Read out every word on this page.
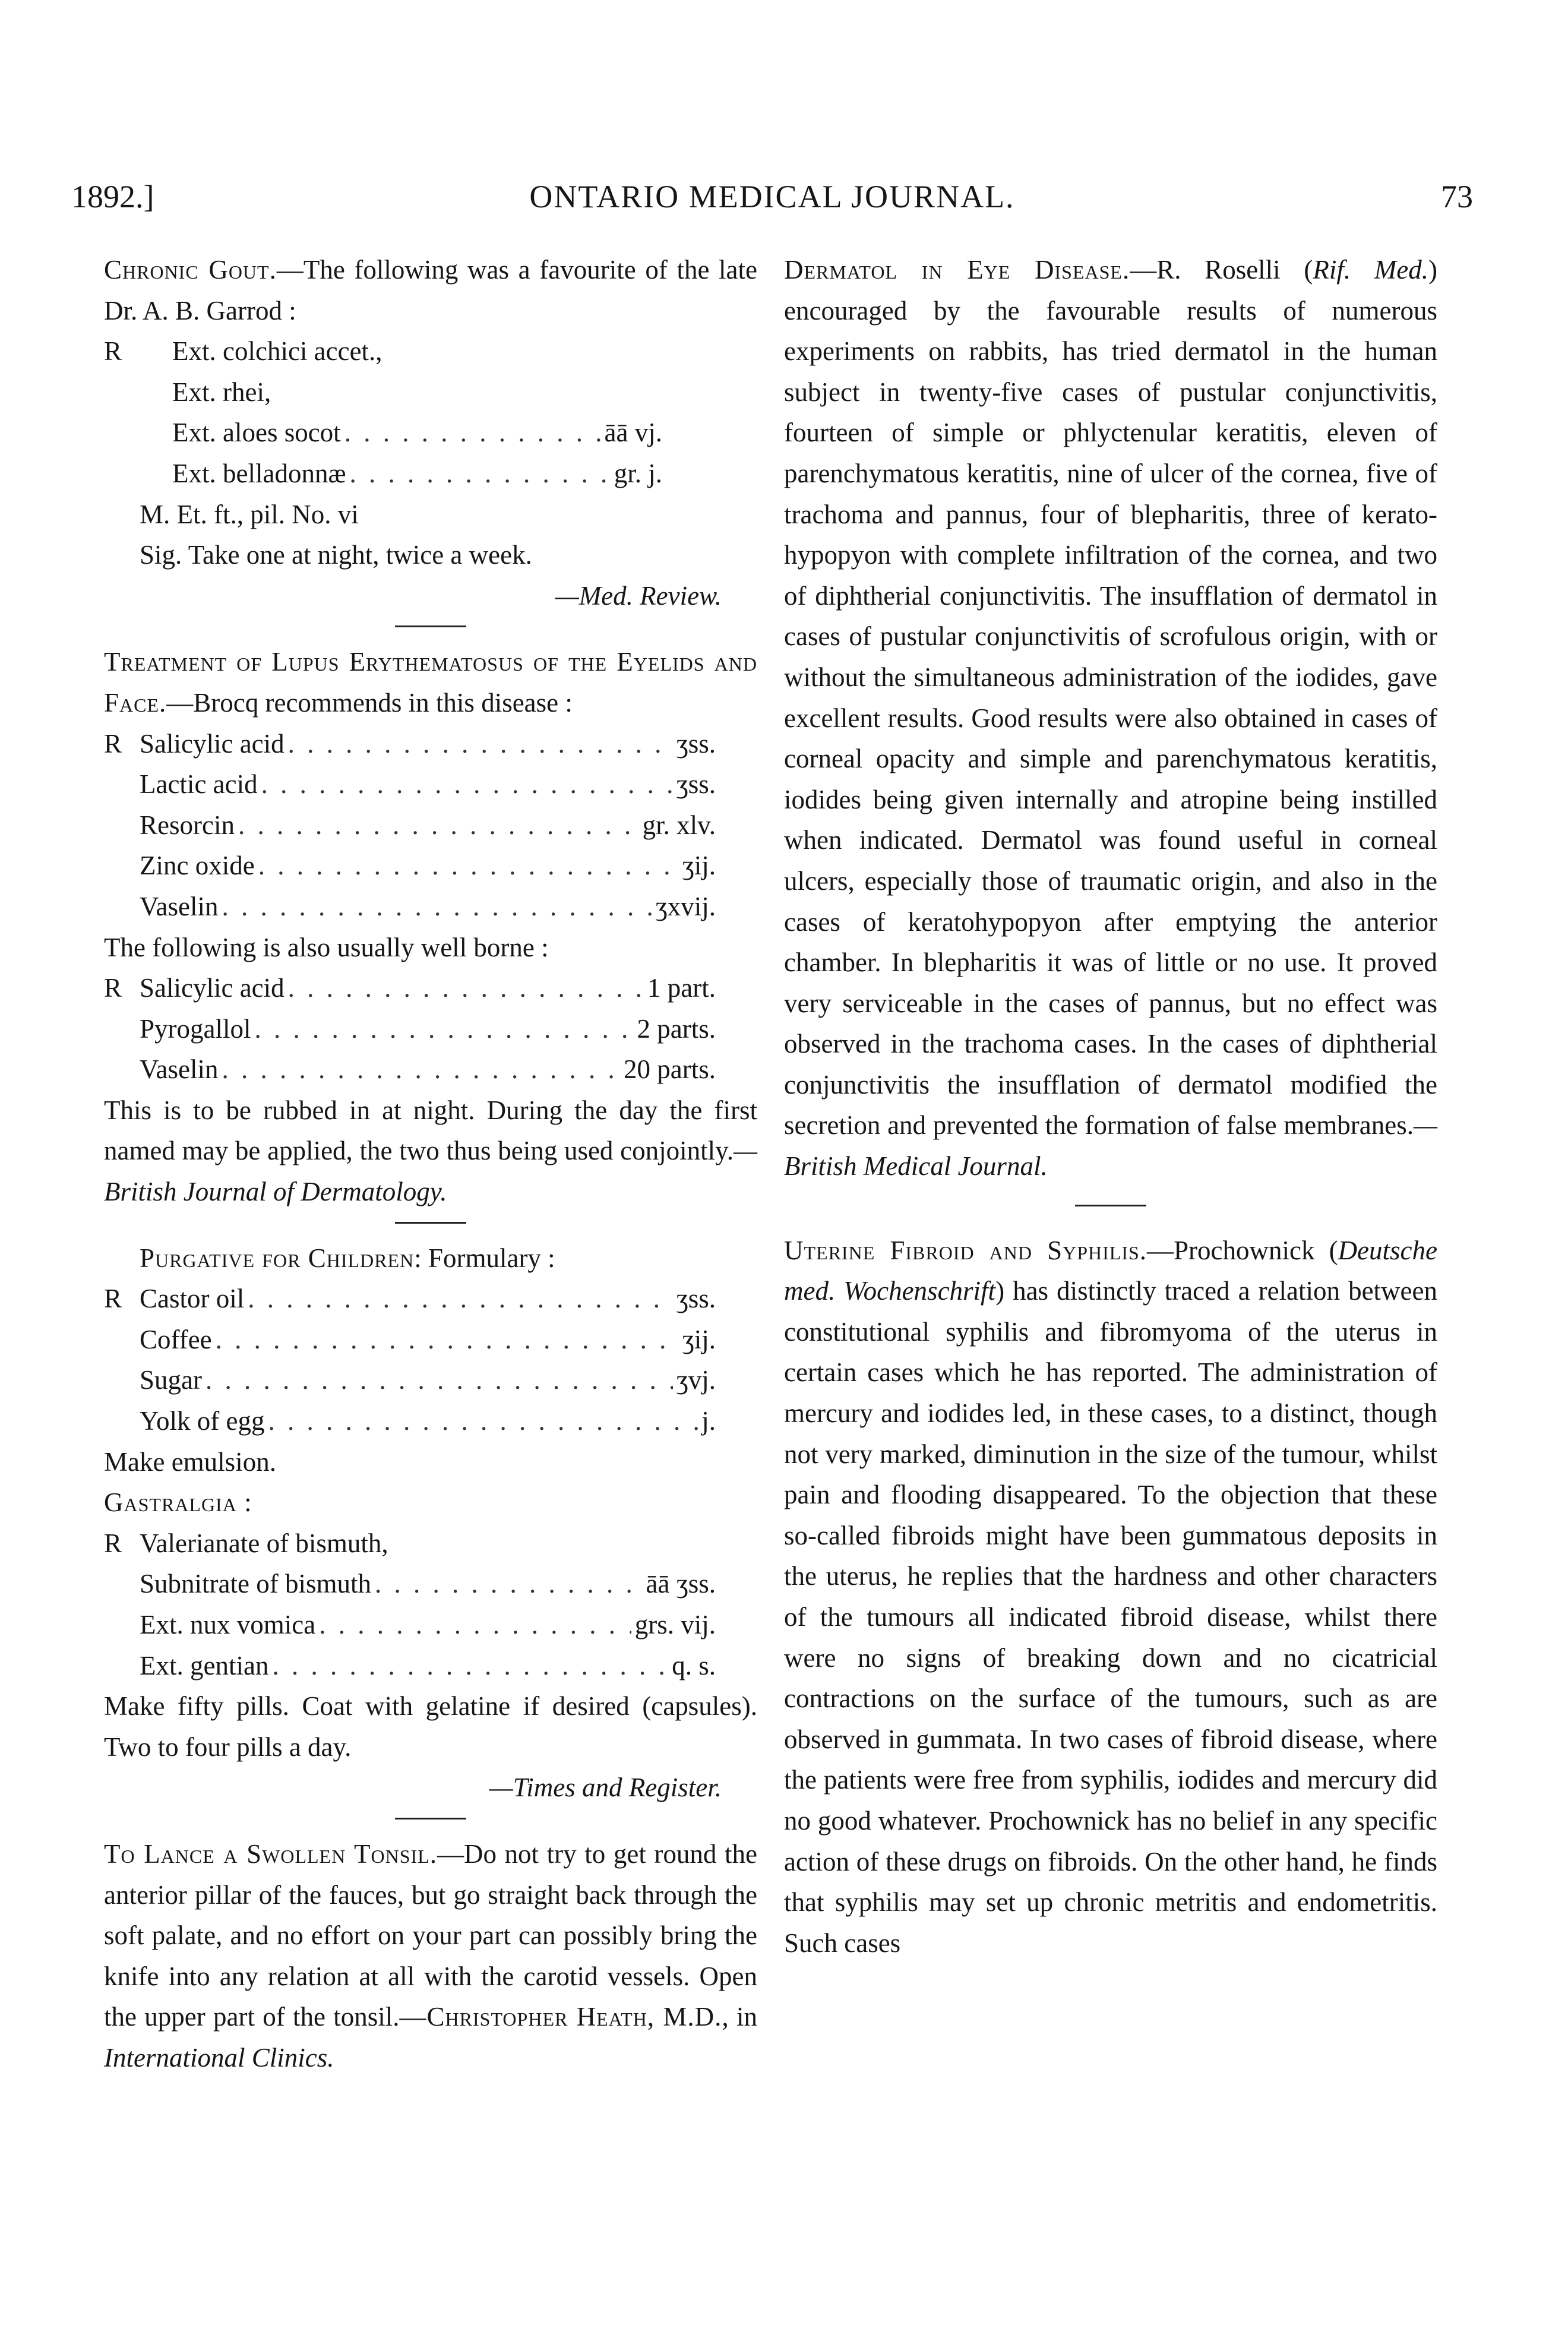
1892.]	ONTARIO MEDICAL JOURNAL.	73

Chronic Gout.—The following was a favourite of the late Dr. A. B. Garrod :

R	Ext. colchici accet.,
Ext. rhei,
Ext. aloes socot . . .	āā vj.
Ext. belladonnæ . . .	gr. j.
M. Et. ft., pil. No. vi
Sig. Take one at night, twice a week.
—Med. Review.

Treatment of Lupus Erythematosus of the Eyelids and Face.—Brocq recommends in this disease :

R Salicylic acid . . .	ʒss.
Lactic acid . . .	ʒss.
Resorcin . . .	gr. xlv.
Zinc oxide . . .	ʒij.
Vaselin . . .	ʒxvij.

The following is also usually well borne :

R Salicylic acid . . .	1 part.
Pyrogallol . . .	2 parts.
Vaselin . . .	20 parts.

This is to be rubbed in at night. During the day the first named may be applied, the two thus being used conjointly.—British Journal of Dermatology.

Purgative for Children: Formulary :

R Castor oil . . .	ʒss.
Coffee . . .	ʒij.
Sugar . . .	ʒvj.
Yolk of egg . . .	j.

Make emulsion.

Gastralgia :

R Valerianate of bismuth,
Subnitrate of bismuth . . .	āā ʒss.
Ext. nux vomica . . .	grs. vij.
Ext. gentian . . .	q. s.

Make fifty pills. Coat with gelatine if desired (capsules). Two to four pills a day.

—Times and Register.

To Lance a Swollen Tonsil.—Do not try to get round the anterior pillar of the fauces, but go straight back through the soft palate, and no effort on your part can possibly bring the knife into any relation at all with the carotid vessels. Open the upper part of the tonsil.—Christopher Heath, M.D., in International Clinics.

Dermatol in Eye Disease.—R. Roselli (Rif. Med.) encouraged by the favourable results of numerous experiments on rabbits, has tried dermatol in the human subject in twenty-five cases of pustular conjunctivitis, fourteen of simple or phlyctenular keratitis, eleven of parenchymatous keratitis, nine of ulcer of the cornea, five of trachoma and pannus, four of blepharitis, three of kerato-hypopyon with complete infiltration of the cornea, and two of diphtherial conjunctivitis. The insufflation of dermatol in cases of pustular conjunctivitis of scrofulous origin, with or without the simultaneous administration of the iodides, gave excellent results. Good results were also obtained in cases of corneal opacity and simple and parenchymatous keratitis, iodides being given internally and atropine being instilled when indicated. Dermatol was found useful in corneal ulcers, especially those of traumatic origin, and also in the cases of keratohypopyon after emptying the anterior chamber. In blepharitis it was of little or no use. It proved very serviceable in the cases of pannus, but no effect was observed in the trachoma cases. In the cases of diphtherial conjunctivitis the insufflation of dermatol modified the secretion and prevented the formation of false membranes.—British Medical Journal.

Uterine Fibroid and Syphilis.—Prochownick (Deutsche med. Wochenschrift) has distinctly traced a relation between constitutional syphilis and fibromyoma of the uterus in certain cases which he has reported. The administration of mercury and iodides led, in these cases, to a distinct, though not very marked, diminution in the size of the tumour, whilst pain and flooding disappeared. To the objection that these so-called fibroids might have been gummatous deposits in the uterus, he replies that the hardness and other characters of the tumours all indicated fibroid disease, whilst there were no signs of breaking down and no cicatricial contractions on the surface of the tumours, such as are observed in gummata. In two cases of fibroid disease, where the patients were free from syphilis, iodides and mercury did no good whatever. Prochownick has no belief in any specific action of these drugs on fibroids. On the other hand, he finds that syphilis may set up chronic metritis and endometritis. Such cases
